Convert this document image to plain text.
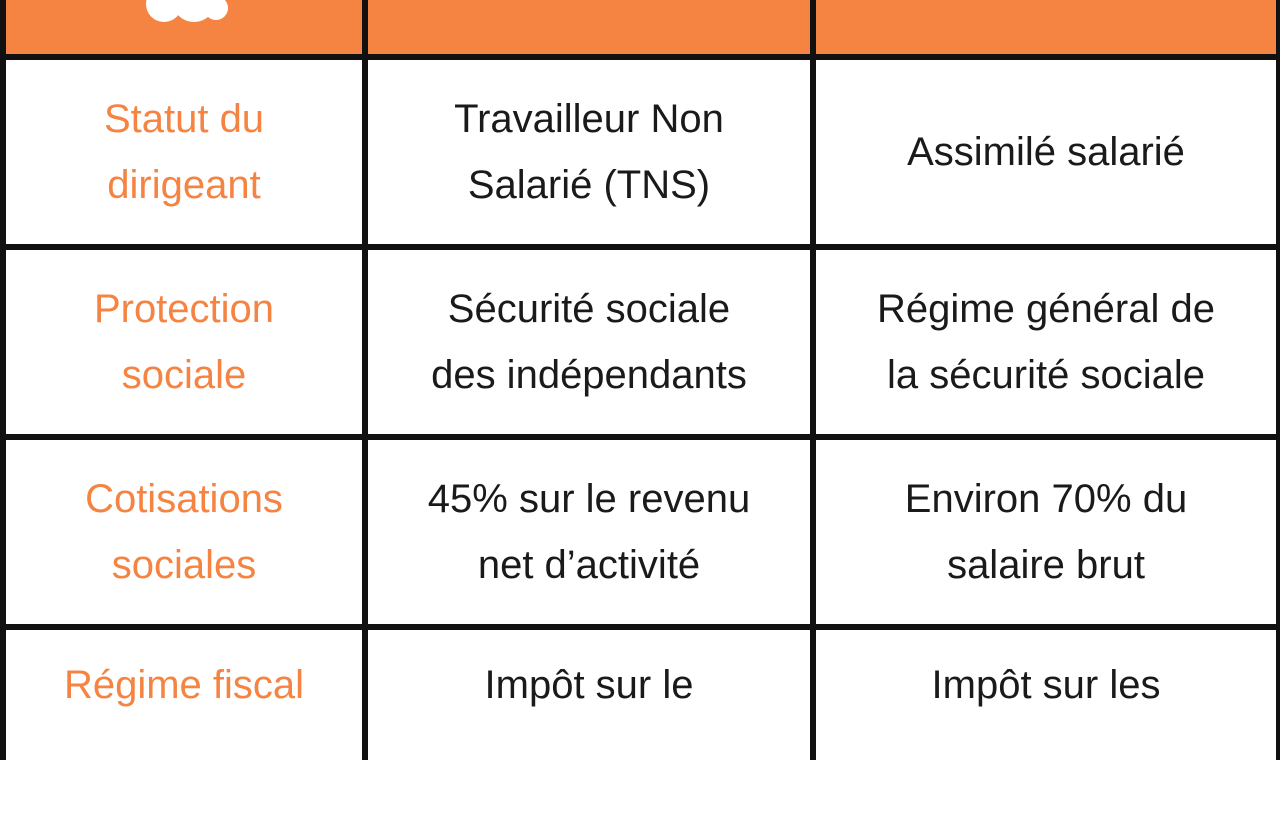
Statut du
dirigeant
Travailleur Non
Salarié (TNS)
Assimilé salarié
Protection
sociale
Sécurité sociale
des indépendants
Régime général de
la sécurité sociale
Cotisations
sociales
45% sur le revenu
net d’activité
Environ 70% du
salaire brut
Régime fiscal	Impôt sur le	Impôt sur les
